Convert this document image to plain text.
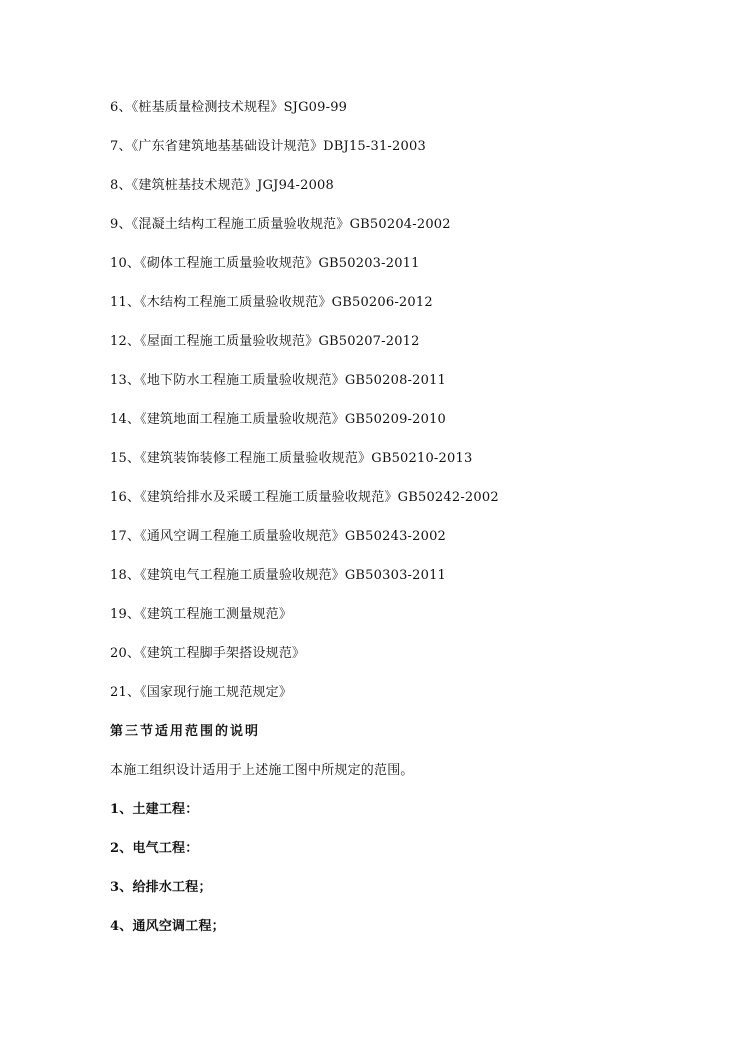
6、《桩基质量检测技术规程》SJG09-99
7、《广东省建筑地基基础设计规范》DBJ15-31-2003
8、《建筑桩基技术规范》JGJ94-2008
9、《混凝土结构工程施工质量验收规范》GB50204-2002
10、《砌体工程施工质量验收规范》GB50203-2011
11、《木结构工程施工质量验收规范》GB50206-2012
12、《屋面工程施工质量验收规范》GB50207-2012
13、《地下防水工程施工质量验收规范》GB50208-2011
14、《建筑地面工程施工质量验收规范》GB50209-2010
15、《建筑装饰装修工程施工质量验收规范》GB50210-2013
16、《建筑给排水及采暖工程施工质量验收规范》GB50242-2002
17、《通风空调工程施工质量验收规范》GB50243-2002
18、《建筑电气工程施工质量验收规范》GB50303-2011
19、《建筑工程施工测量规范》
20、《建筑工程脚手架搭设规范》
21、《国家现行施工规范规定》
第三节适用范围的说明
本施工组织设计适用于上述施工图中所规定的范围。
1、土建工程：
2、电气工程：
3、给排水工程；
4、通风空调工程；
